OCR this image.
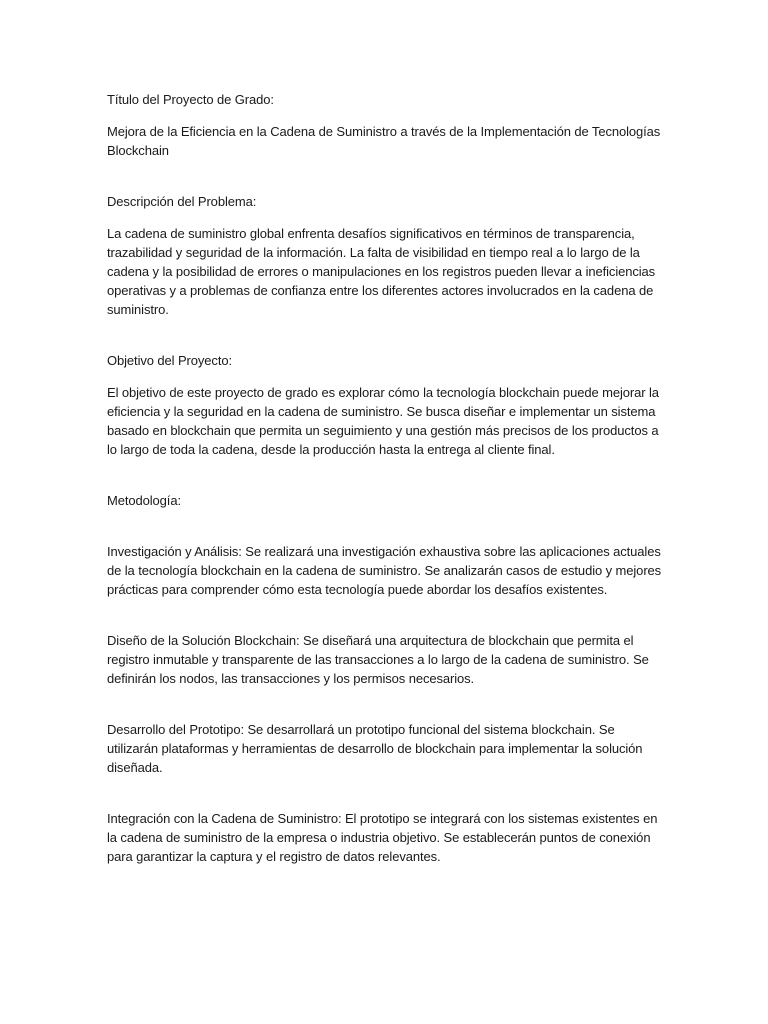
Título del Proyecto de Grado:

Mejora de la Eficiencia en la Cadena de Suministro a través de la Implementación de Tecnologías Blockchain

Descripción del Problema:

La cadena de suministro global enfrenta desafíos significativos en términos de transparencia, trazabilidad y seguridad de la información. La falta de visibilidad en tiempo real a lo largo de la cadena y la posibilidad de errores o manipulaciones en los registros pueden llevar a ineficiencias operativas y a problemas de confianza entre los diferentes actores involucrados en la cadena de suministro.

Objetivo del Proyecto:

El objetivo de este proyecto de grado es explorar cómo la tecnología blockchain puede mejorar la eficiencia y la seguridad en la cadena de suministro. Se busca diseñar e implementar un sistema basado en blockchain que permita un seguimiento y una gestión más precisos de los productos a lo largo de toda la cadena, desde la producción hasta la entrega al cliente final.

Metodología:

Investigación y Análisis: Se realizará una investigación exhaustiva sobre las aplicaciones actuales de la tecnología blockchain en la cadena de suministro. Se analizarán casos de estudio y mejores prácticas para comprender cómo esta tecnología puede abordar los desafíos existentes.

Diseño de la Solución Blockchain: Se diseñará una arquitectura de blockchain que permita el registro inmutable y transparente de las transacciones a lo largo de la cadena de suministro. Se definirán los nodos, las transacciones y los permisos necesarios.

Desarrollo del Prototipo: Se desarrollará un prototipo funcional del sistema blockchain. Se utilizarán plataformas y herramientas de desarrollo de blockchain para implementar la solución diseñada.

Integración con la Cadena de Suministro: El prototipo se integrará con los sistemas existentes en la cadena de suministro de la empresa o industria objetivo. Se establecerán puntos de conexión para garantizar la captura y el registro de datos relevantes.
